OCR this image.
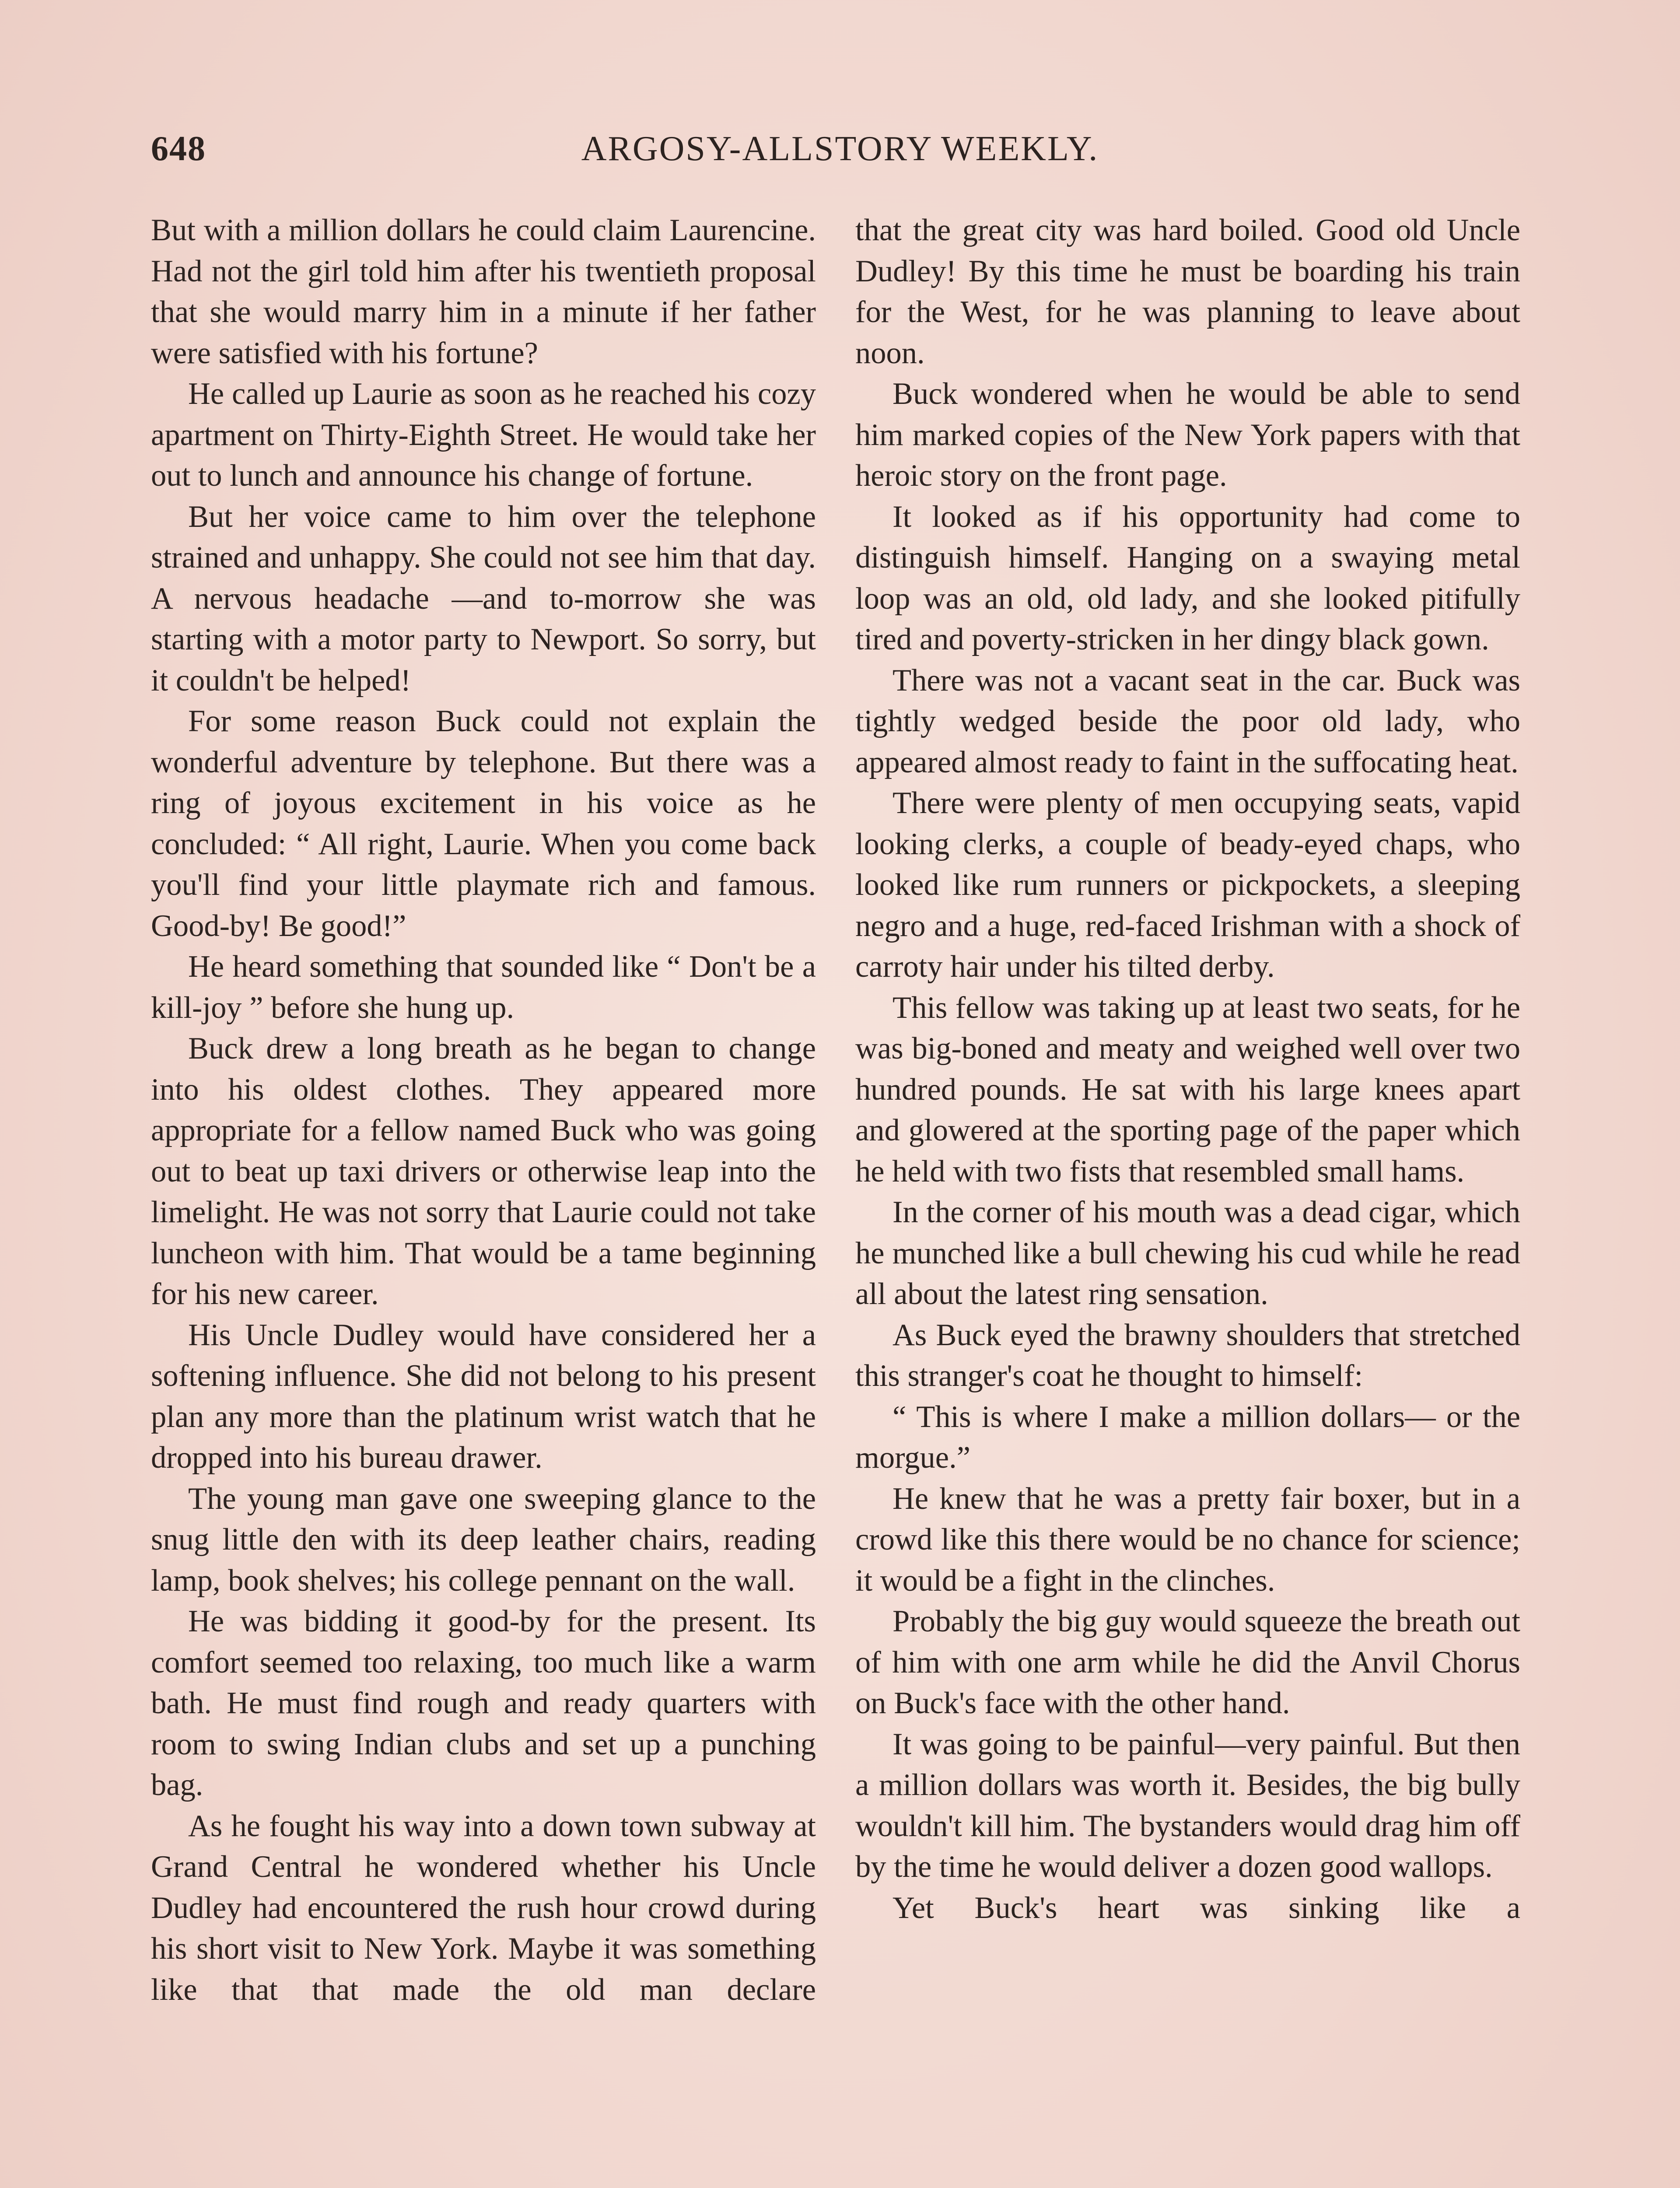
648	ARGOSY-ALLSTORY WEEKLY.

But with a million dollars he could claim Laurencine. Had not the girl told him after his twentieth proposal that she would marry him in a minute if her father were satisfied with his fortune?

He called up Laurie as soon as he reached his cozy apartment on Thirty-Eighth Street. He would take her out to lunch and announce his change of fortune.

But her voice came to him over the telephone strained and unhappy. She could not see him that day. A nervous headache —and to-morrow she was starting with a motor party to Newport. So sorry, but it couldn't be helped!

For some reason Buck could not explain the wonderful adventure by telephone. But there was a ring of joyous excitement in his voice as he concluded: “ All right, Laurie. When you come back you'll find your little playmate rich and famous. Good-by! Be good!”

He heard something that sounded like “ Don't be a kill-joy ” before she hung up.

Buck drew a long breath as he began to change into his oldest clothes. They appeared more appropriate for a fellow named Buck who was going out to beat up taxi drivers or otherwise leap into the limelight. He was not sorry that Laurie could not take luncheon with him. That would be a tame beginning for his new career.

His Uncle Dudley would have considered her a softening influence. She did not belong to his present plan any more than the platinum wrist watch that he dropped into his bureau drawer.

The young man gave one sweeping glance to the snug little den with its deep leather chairs, reading lamp, book shelves; his college pennant on the wall.

He was bidding it good-by for the present. Its comfort seemed too relaxing, too much like a warm bath. He must find rough and ready quarters with room to swing Indian clubs and set up a punching bag.

As he fought his way into a down town subway at Grand Central he wondered whether his Uncle Dudley had encountered the rush hour crowd during his short visit to New York. Maybe it was something like that that made the old man declare

that the great city was hard boiled. Good old Uncle Dudley! By this time he must be boarding his train for the West, for he was planning to leave about noon.

Buck wondered when he would be able to send him marked copies of the New York papers with that heroic story on the front page.

It looked as if his opportunity had come to distinguish himself. Hanging on a swaying metal loop was an old, old lady, and she looked pitifully tired and poverty-stricken in her dingy black gown.

There was not a vacant seat in the car. Buck was tightly wedged beside the poor old lady, who appeared almost ready to faint in the suffocating heat.

There were plenty of men occupying seats, vapid looking clerks, a couple of beady-eyed chaps, who looked like rum runners or pickpockets, a sleeping negro and a huge, red-faced Irishman with a shock of carroty hair under his tilted derby.

This fellow was taking up at least two seats, for he was big-boned and meaty and weighed well over two hundred pounds. He sat with his large knees apart and glowered at the sporting page of the paper which he held with two fists that resembled small hams.

In the corner of his mouth was a dead cigar, which he munched like a bull chewing his cud while he read all about the latest ring sensation.

As Buck eyed the brawny shoulders that stretched this stranger's coat he thought to himself:

“ This is where I make a million dollars— or the morgue.”

He knew that he was a pretty fair boxer, but in a crowd like this there would be no chance for science; it would be a fight in the clinches.

Probably the big guy would squeeze the breath out of him with one arm while he did the Anvil Chorus on Buck's face with the other hand.

It was going to be painful—very painful. But then a million dollars was worth it. Besides, the big bully wouldn't kill him. The bystanders would drag him off by the time he would deliver a dozen good wallops.

Yet Buck's heart was sinking like a
